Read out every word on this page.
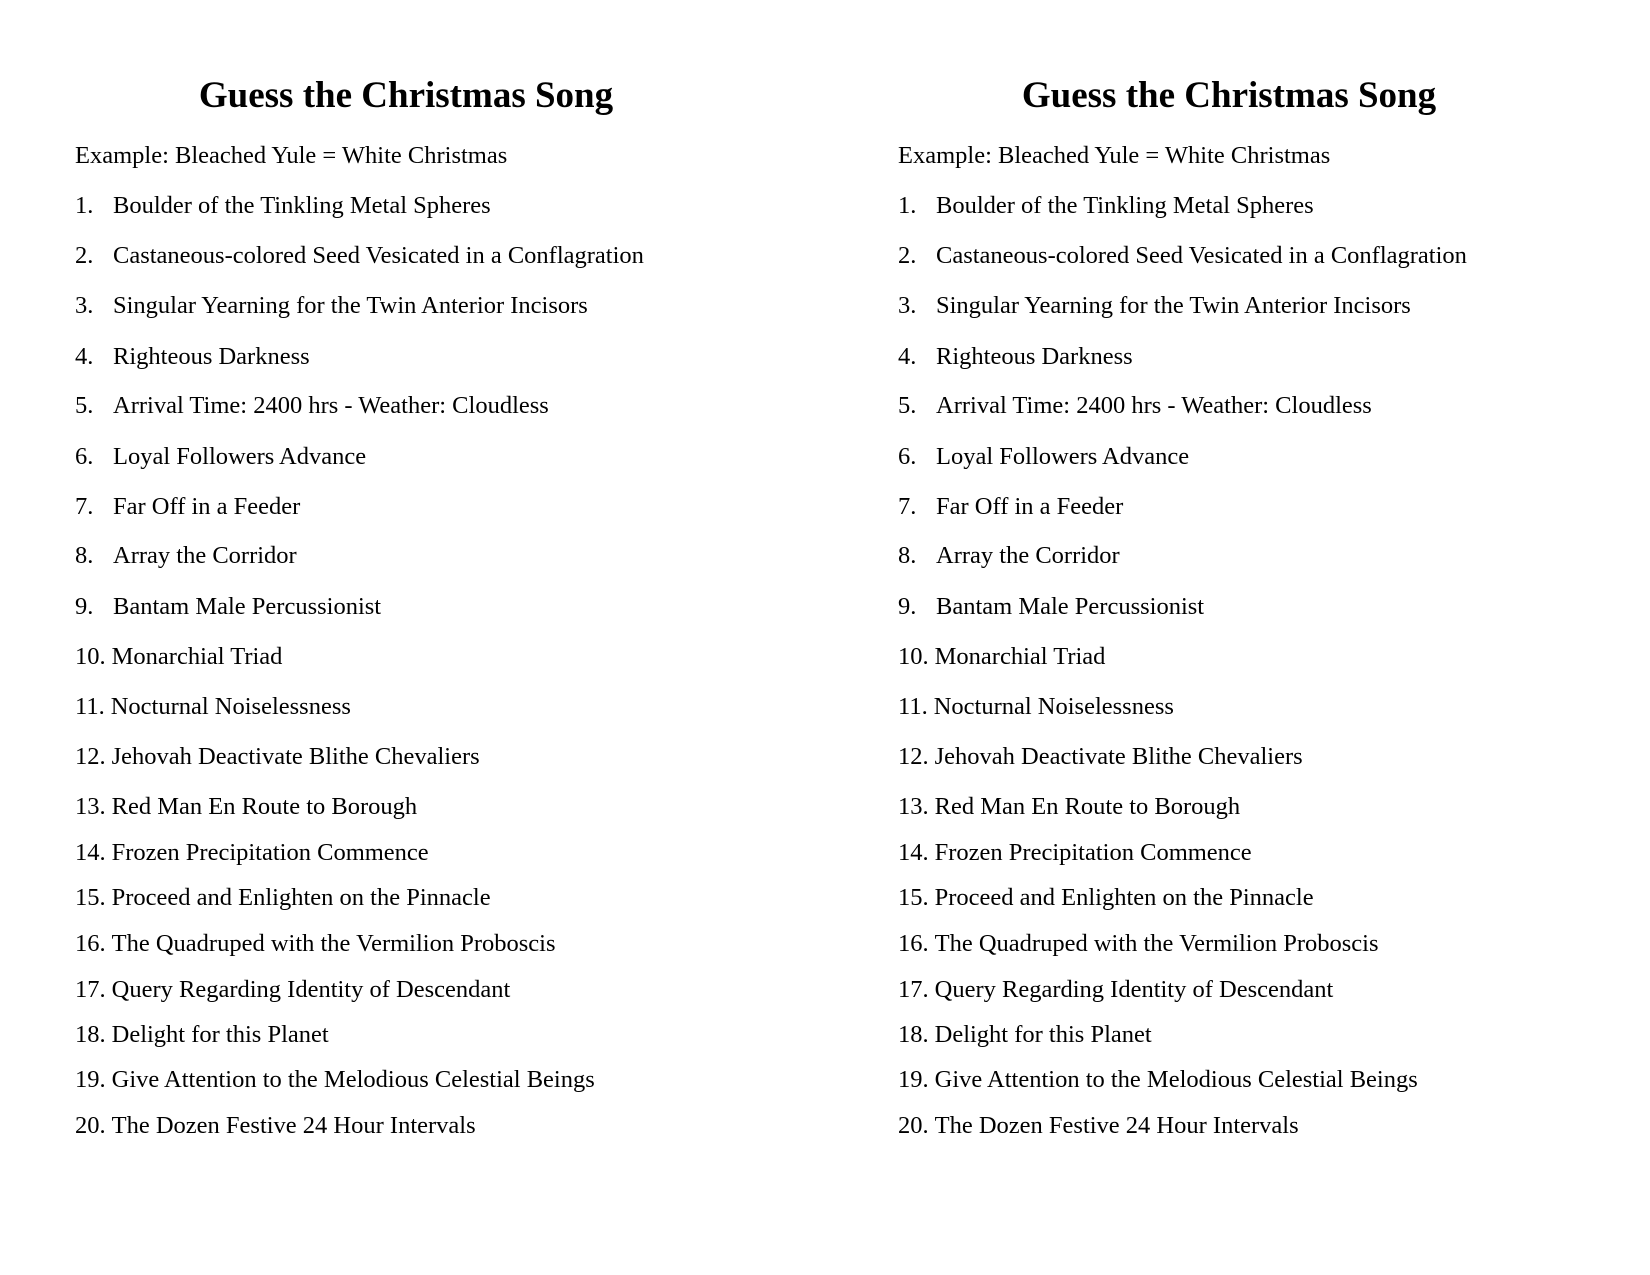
Guess the Christmas Song
Example: Bleached Yule = White Christmas
1. Boulder of the Tinkling Metal Spheres
2. Castaneous-colored Seed Vesicated in a Conflagration
3. Singular Yearning for the Twin Anterior Incisors
4. Righteous Darkness
5. Arrival Time: 2400 hrs - Weather: Cloudless
6. Loyal Followers Advance
7. Far Off in a Feeder
8. Array the Corridor
9. Bantam Male Percussionist
10. Monarchial Triad
11. Nocturnal Noiselessness
12. Jehovah Deactivate Blithe Chevaliers
13. Red Man En Route to Borough
14. Frozen Precipitation Commence
15. Proceed and Enlighten on the Pinnacle
16. The Quadruped with the Vermilion Proboscis
17. Query Regarding Identity of Descendant
18. Delight for this Planet
19. Give Attention to the Melodious Celestial Beings
20. The Dozen Festive 24 Hour Intervals
Guess the Christmas Song
Example: Bleached Yule = White Christmas
1. Boulder of the Tinkling Metal Spheres
2. Castaneous-colored Seed Vesicated in a Conflagration
3. Singular Yearning for the Twin Anterior Incisors
4. Righteous Darkness
5. Arrival Time: 2400 hrs - Weather: Cloudless
6. Loyal Followers Advance
7. Far Off in a Feeder
8. Array the Corridor
9. Bantam Male Percussionist
10. Monarchial Triad
11. Nocturnal Noiselessness
12. Jehovah Deactivate Blithe Chevaliers
13. Red Man En Route to Borough
14. Frozen Precipitation Commence
15. Proceed and Enlighten on the Pinnacle
16. The Quadruped with the Vermilion Proboscis
17. Query Regarding Identity of Descendant
18. Delight for this Planet
19. Give Attention to the Melodious Celestial Beings
20. The Dozen Festive 24 Hour Intervals
